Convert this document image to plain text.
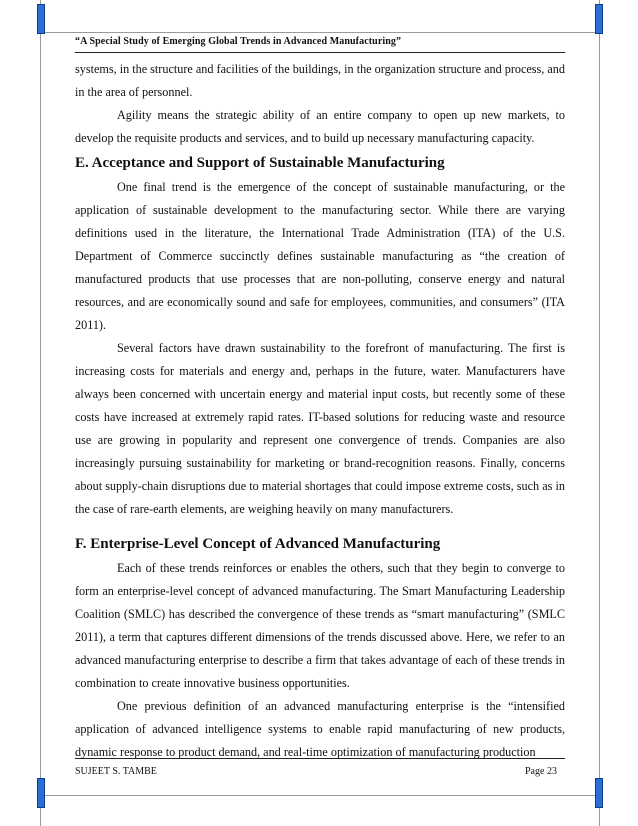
“A Special Study of Emerging Global Trends in Advanced Manufacturing”

systems, in the structure and facilities of the buildings, in the organization structure and process, and in the area of personnel.

Agility means the strategic ability of an entire company to open up new markets, to develop the requisite products and services, and to build up necessary manufacturing capacity.

E. Acceptance and Support of Sustainable Manufacturing

One final trend is the emergence of the concept of sustainable manufacturing, or the application of sustainable development to the manufacturing sector. While there are varying definitions used in the literature, the International Trade Administration (ITA) of the U.S. Department of Commerce succinctly defines sustainable manufacturing as “the creation of manufactured products that use processes that are non-polluting, conserve energy and natural resources, and are economically sound and safe for employees, communities, and consumers” (ITA 2011).

Several factors have drawn sustainability to the forefront of manufacturing. The first is increasing costs for materials and energy and, perhaps in the future, water. Manufacturers have always been concerned with uncertain energy and material input costs, but recently some of these costs have increased at extremely rapid rates. IT-based solutions for reducing waste and resource use are growing in popularity and represent one convergence of trends. Companies are also increasingly pursuing sustainability for marketing or brand-recognition reasons. Finally, concerns about supply-chain disruptions due to material shortages that could impose extreme costs, such as in the case of rare-earth elements, are weighing heavily on many manufacturers.

F. Enterprise-Level Concept of Advanced Manufacturing

Each of these trends reinforces or enables the others, such that they begin to converge to form an enterprise-level concept of advanced manufacturing. The Smart Manufacturing Leadership Coalition (SMLC) has described the convergence of these trends as “smart manufacturing” (SMLC 2011), a term that captures different dimensions of the trends discussed above. Here, we refer to an advanced manufacturing enterprise to describe a firm that takes advantage of each of these trends in combination to create innovative business opportunities.

One previous definition of an advanced manufacturing enterprise is the “intensified application of advanced intelligence systems to enable rapid manufacturing of new products, dynamic response to product demand, and real-time optimization of manufacturing production

SUJEET S. TAMBE	Page 23
